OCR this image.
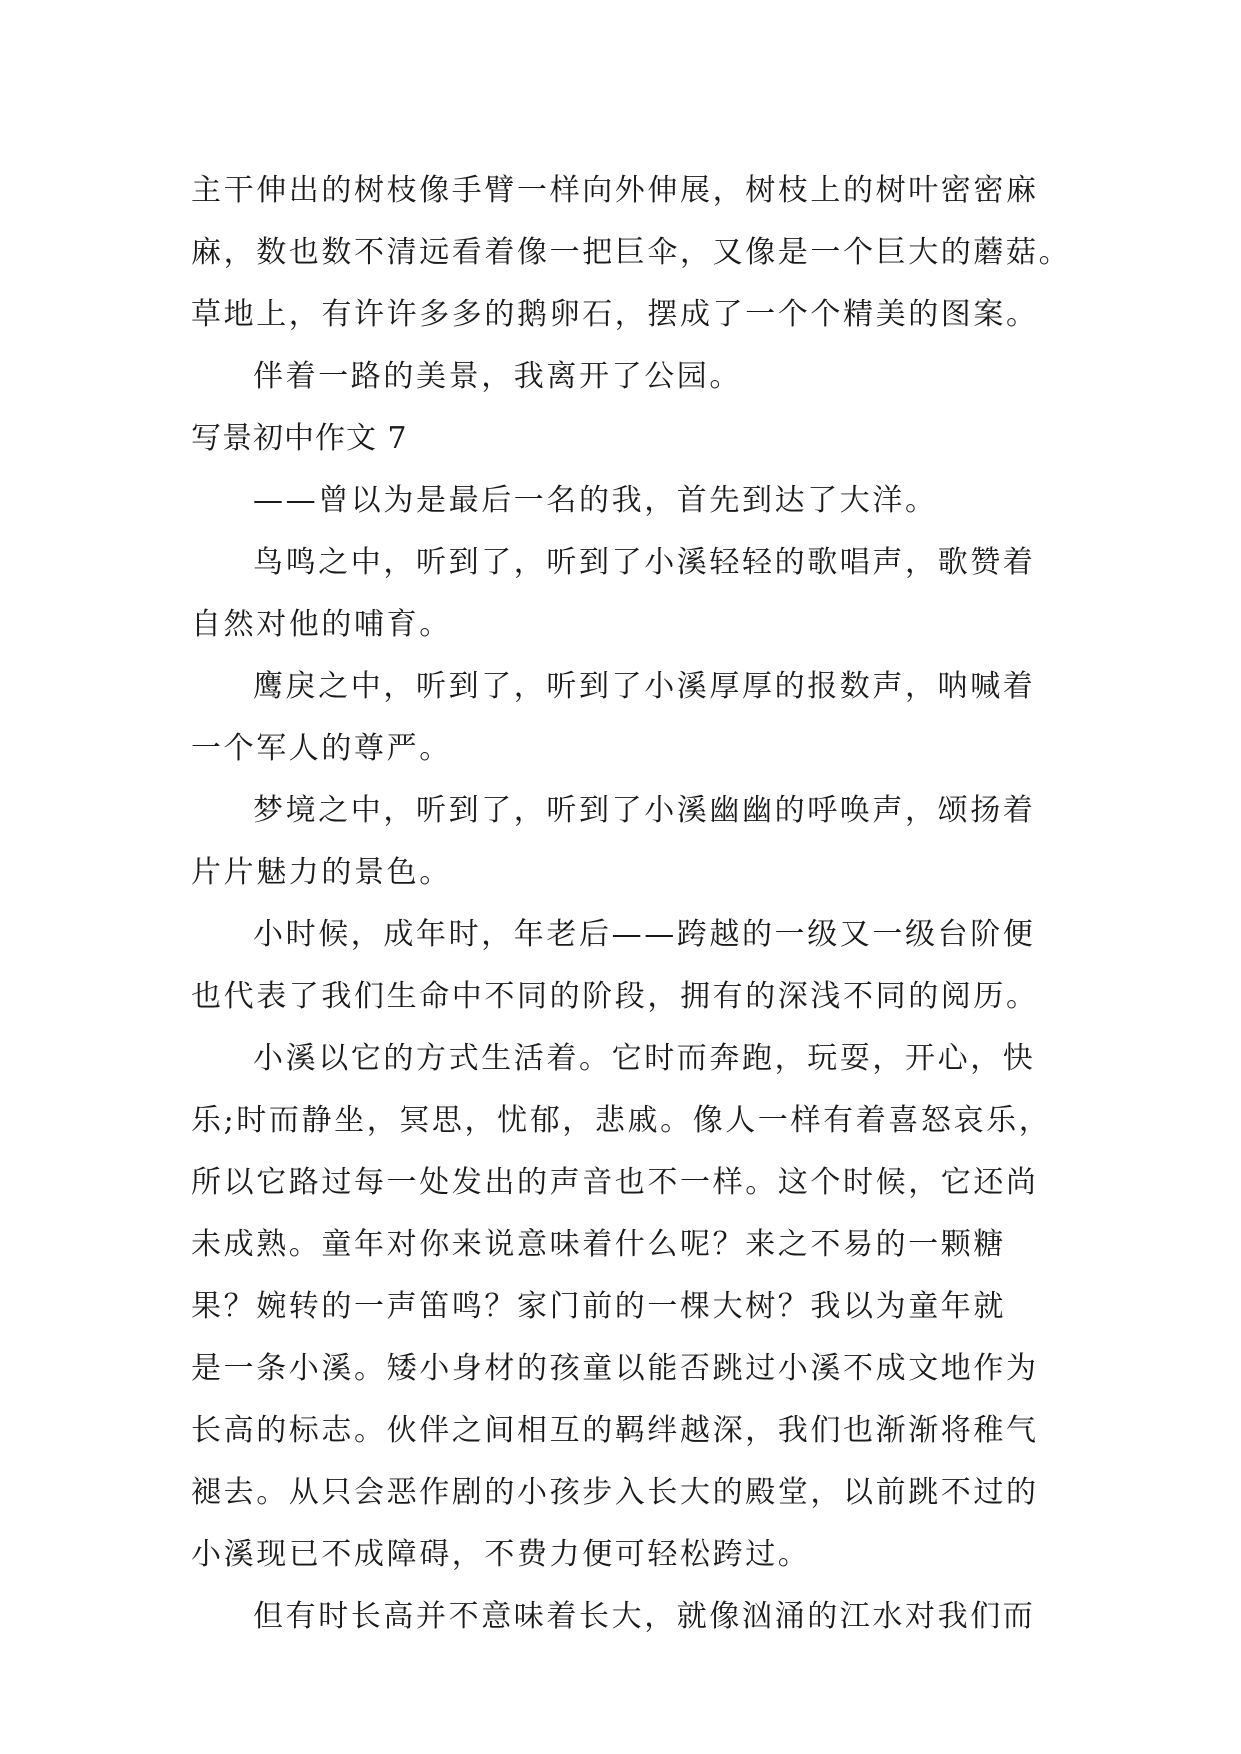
主干伸出的树枝像手臂一样向外伸展，树枝上的树叶密密麻
麻，数也数不清远看着像一把巨伞，又像是一个巨大的蘑菇。
草地上，有许许多多的鹅卵石，摆成了一个个精美的图案。
伴着一路的美景，我离开了公园。
写景初中作文 7
——曾以为是最后一名的我，首先到达了大洋。
鸟鸣之中，听到了，听到了小溪轻轻的歌唱声，歌赞着
自然对他的哺育。
鹰戾之中，听到了，听到了小溪厚厚的报数声，呐喊着
一个军人的尊严。
梦境之中，听到了，听到了小溪幽幽的呼唤声，颂扬着
片片魅力的景色。
小时候，成年时，年老后——跨越的一级又一级台阶便
也代表了我们生命中不同的阶段，拥有的深浅不同的阅历。
小溪以它的方式生活着。它时而奔跑，玩耍，开心，快
乐;时而静坐，冥思，忧郁，悲戚。像人一样有着喜怒哀乐，
所以它路过每一处发出的声音也不一样。这个时候，它还尚
未成熟。童年对你来说意味着什么呢？来之不易的一颗糖
果？婉转的一声笛鸣？家门前的一棵大树？我以为童年就
是一条小溪。矮小身材的孩童以能否跳过小溪不成文地作为
长高的标志。伙伴之间相互的羁绊越深，我们也渐渐将稚气
褪去。从只会恶作剧的小孩步入长大的殿堂，以前跳不过的
小溪现已不成障碍，不费力便可轻松跨过。
但有时长高并不意味着长大，就像汹涌的江水对我们而
